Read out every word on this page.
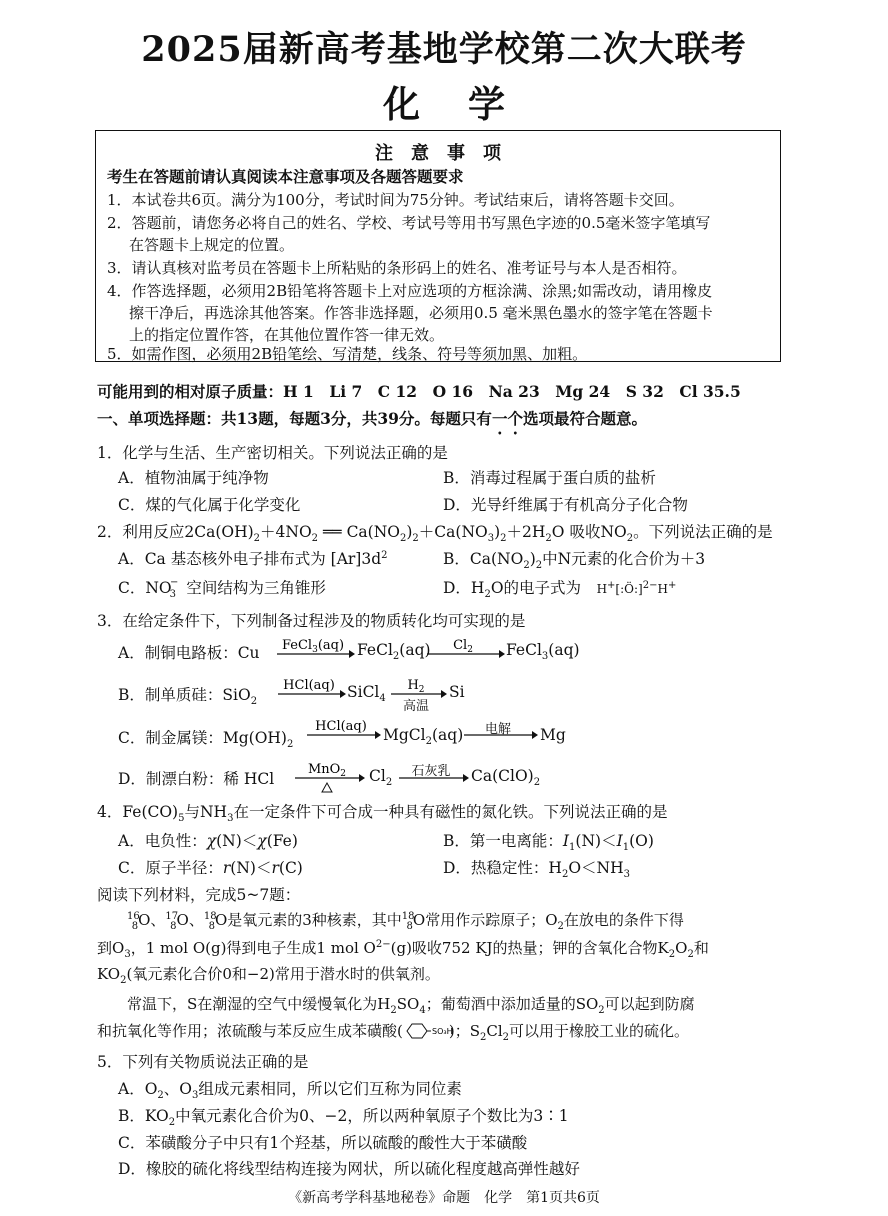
2025届新高考基地学校第二次大联考
化学
注意事项
考生在答题前请认真阅读本注意事项及各题答题要求
1．本试卷共6页。满分为100分，考试时间为75分钟。考试结束后，请将答题卡交回。
2．答题前，请您务必将自己的姓名、学校、考试号等用书写黑色字迹的0.5毫米签字笔填写
在答题卡上规定的位置。
3．请认真核对监考员在答题卡上所粘贴的条形码上的姓名、准考证号与本人是否相符。
4．作答选择题，必须用2B铅笔将答题卡上对应选项的方框涂满、涂黑;如需改动，请用橡皮
擦干净后，再选涂其他答案。作答非选择题，必须用0.5 毫米黑色墨水的签字笔在答题卡
上的指定位置作答，在其他位置作答一律无效。
5．如需作图，必须用2B铅笔绘、写清楚，线条、符号等须加黑、加粗。
可能用到的相对原子质量：H 1　Li 7　C 12　O 16　Na 23　Mg 24　S 32　Cl 35.5
一、单项选择题：共13题，每题3分，共39分。每题只有一个选项最符合题意。
1．化学与生活、生产密切相关。下列说法正确的是
A．植物油属于纯净物	B．消毒过程属于蛋白质的盐析
C．煤的气化属于化学变化	D．光导纤维属于有机高分子化合物
2．利用反应$2Ca(OH)_2+4NO_2$ ══ $Ca(NO_2)_2+Ca(NO_3)_2+2H_2O$ 吸收$NO_2$。下列说法正确的是
A．Ca 基态核外电子排布式为 $[Ar]3d^2$	B．$Ca(NO_2)_2$中N元素的化合价为＋3
C．$NO_3^-$ 空间结构为三角锥形	D．$H_2O$的电子式为　 H+[:Ö:]$^{2-}$H+
3．在给定条件下，下列制备过程涉及的物质转化均可实现的是
A．制铜电路板：Cu FeCl$_3$(aq) FeCl$_2$(aq) $Cl_2$ FeCl$_3$(aq)
B．制单质硅：SiO$_2$
HCl(aq) SiCl$_4$
$H_2$
高温
Si
C．制金属镁：$Mg(OH)_2$
HCl(aq) MgCl$_2$(aq)	电解	Mg
D．制漂白粉：稀 HCl
MnO$_2$ $Cl_2$
石灰乳	$Ca(ClO)_2$
4．$Fe(CO)_5$与$NH_3$在一定条件下可合成一种具有磁性的氮化铁。下列说法正确的是
A．电负性：χ(N)＜χ(Fe)	B．第一电离能：$I_1(N)<I_1(O)$
C．原子半径：r(N)＜r(C)	D．热稳定性：$H_2O<NH_3$
阅读下列材料，完成5~7题：
$^{16}_8$O、$^{17}_8$O、$^{18}_8$O是氧元素的3种核素，其中$^{18}_8$O常用作示踪原子；$O_2$在放电的条件下得
到$O_3$，1 mol O(g)得到电子生成1 mol $O^{2-}(g)$吸收752 KJ的热量；钾的含氧化合物$K_2O_2$和
$KO_2$(氧元素化合价0和−2)常用于潜水时的供氧剂。
常温下，S在潮湿的空气中缓慢氧化为$H_2SO_4$；葡萄酒中添加适量的$SO_2$可以起到防腐
和抗氧化等作用；浓硫酸与苯反应生成苯磺酸(	SO₃H
)；$S_2Cl_2$可以用于橡胶工业的硫化。
5．下列有关物质说法正确的是
A．$O_2$、$O_3$组成元素相同，所以它们互称为同位素
B．$KO_2$中氧元素化合价为0、−2，所以两种氧原子个数比为3∶1
C．苯磺酸分子中只有1个羟基，所以硫酸的酸性大于苯磺酸
D．橡胶的硫化将线型结构连接为网状，所以硫化程度越高弹性越好
《新高考学科基地秘卷》命题　化学　第1页共6页
